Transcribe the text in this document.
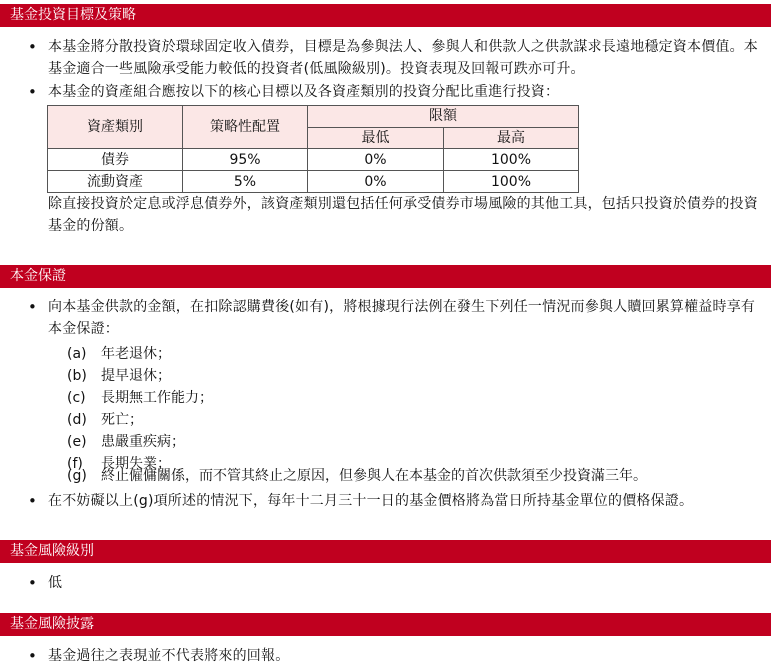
基金投資目標及策略
• 本基金將分散投資於環球固定收入債券，目標是為參與法人、參與人和供款人之供款謀求長遠地穩定資本價值。本基金適合一些風險承受能力較低的投資者(低風險級別)。投資表現及回報可跌亦可升。
• 本基金的資產組合應按以下的核心目標以及各資產類別的投資分配比重進行投資：
資產類別	策略性配置	限額	
		最低	最高
債券	95%	0%	100%
流動資產	5%	0%	100%
除直接投資於定息或浮息債券外，該資產類別還包括任何承受債券市場風險的其他工具，包括只投資於債券的投資基金的份額。
本金保證
• 向本基金供款的金額，在扣除認購費後(如有)，將根據現行法例在發生下列任一情況而參與人贖回累算權益時享有本金保證：
(a)	年老退休；
(b)	提早退休；
(c)	長期無工作能力；
(d)	死亡；
(e)	患嚴重疾病；
(f)	長期失業；
(g)	終止僱傭關係，而不管其終止之原因，但參與人在本基金的首次供款須至少投資滿三年。
• 在不妨礙以上(g)項所述的情況下，每年十二月三十一日的基金價格將為當日所持基金單位的價格保證。
基金風險級別
• 低
基金風險披露
• 基金過往之表現並不代表將來的回報。
